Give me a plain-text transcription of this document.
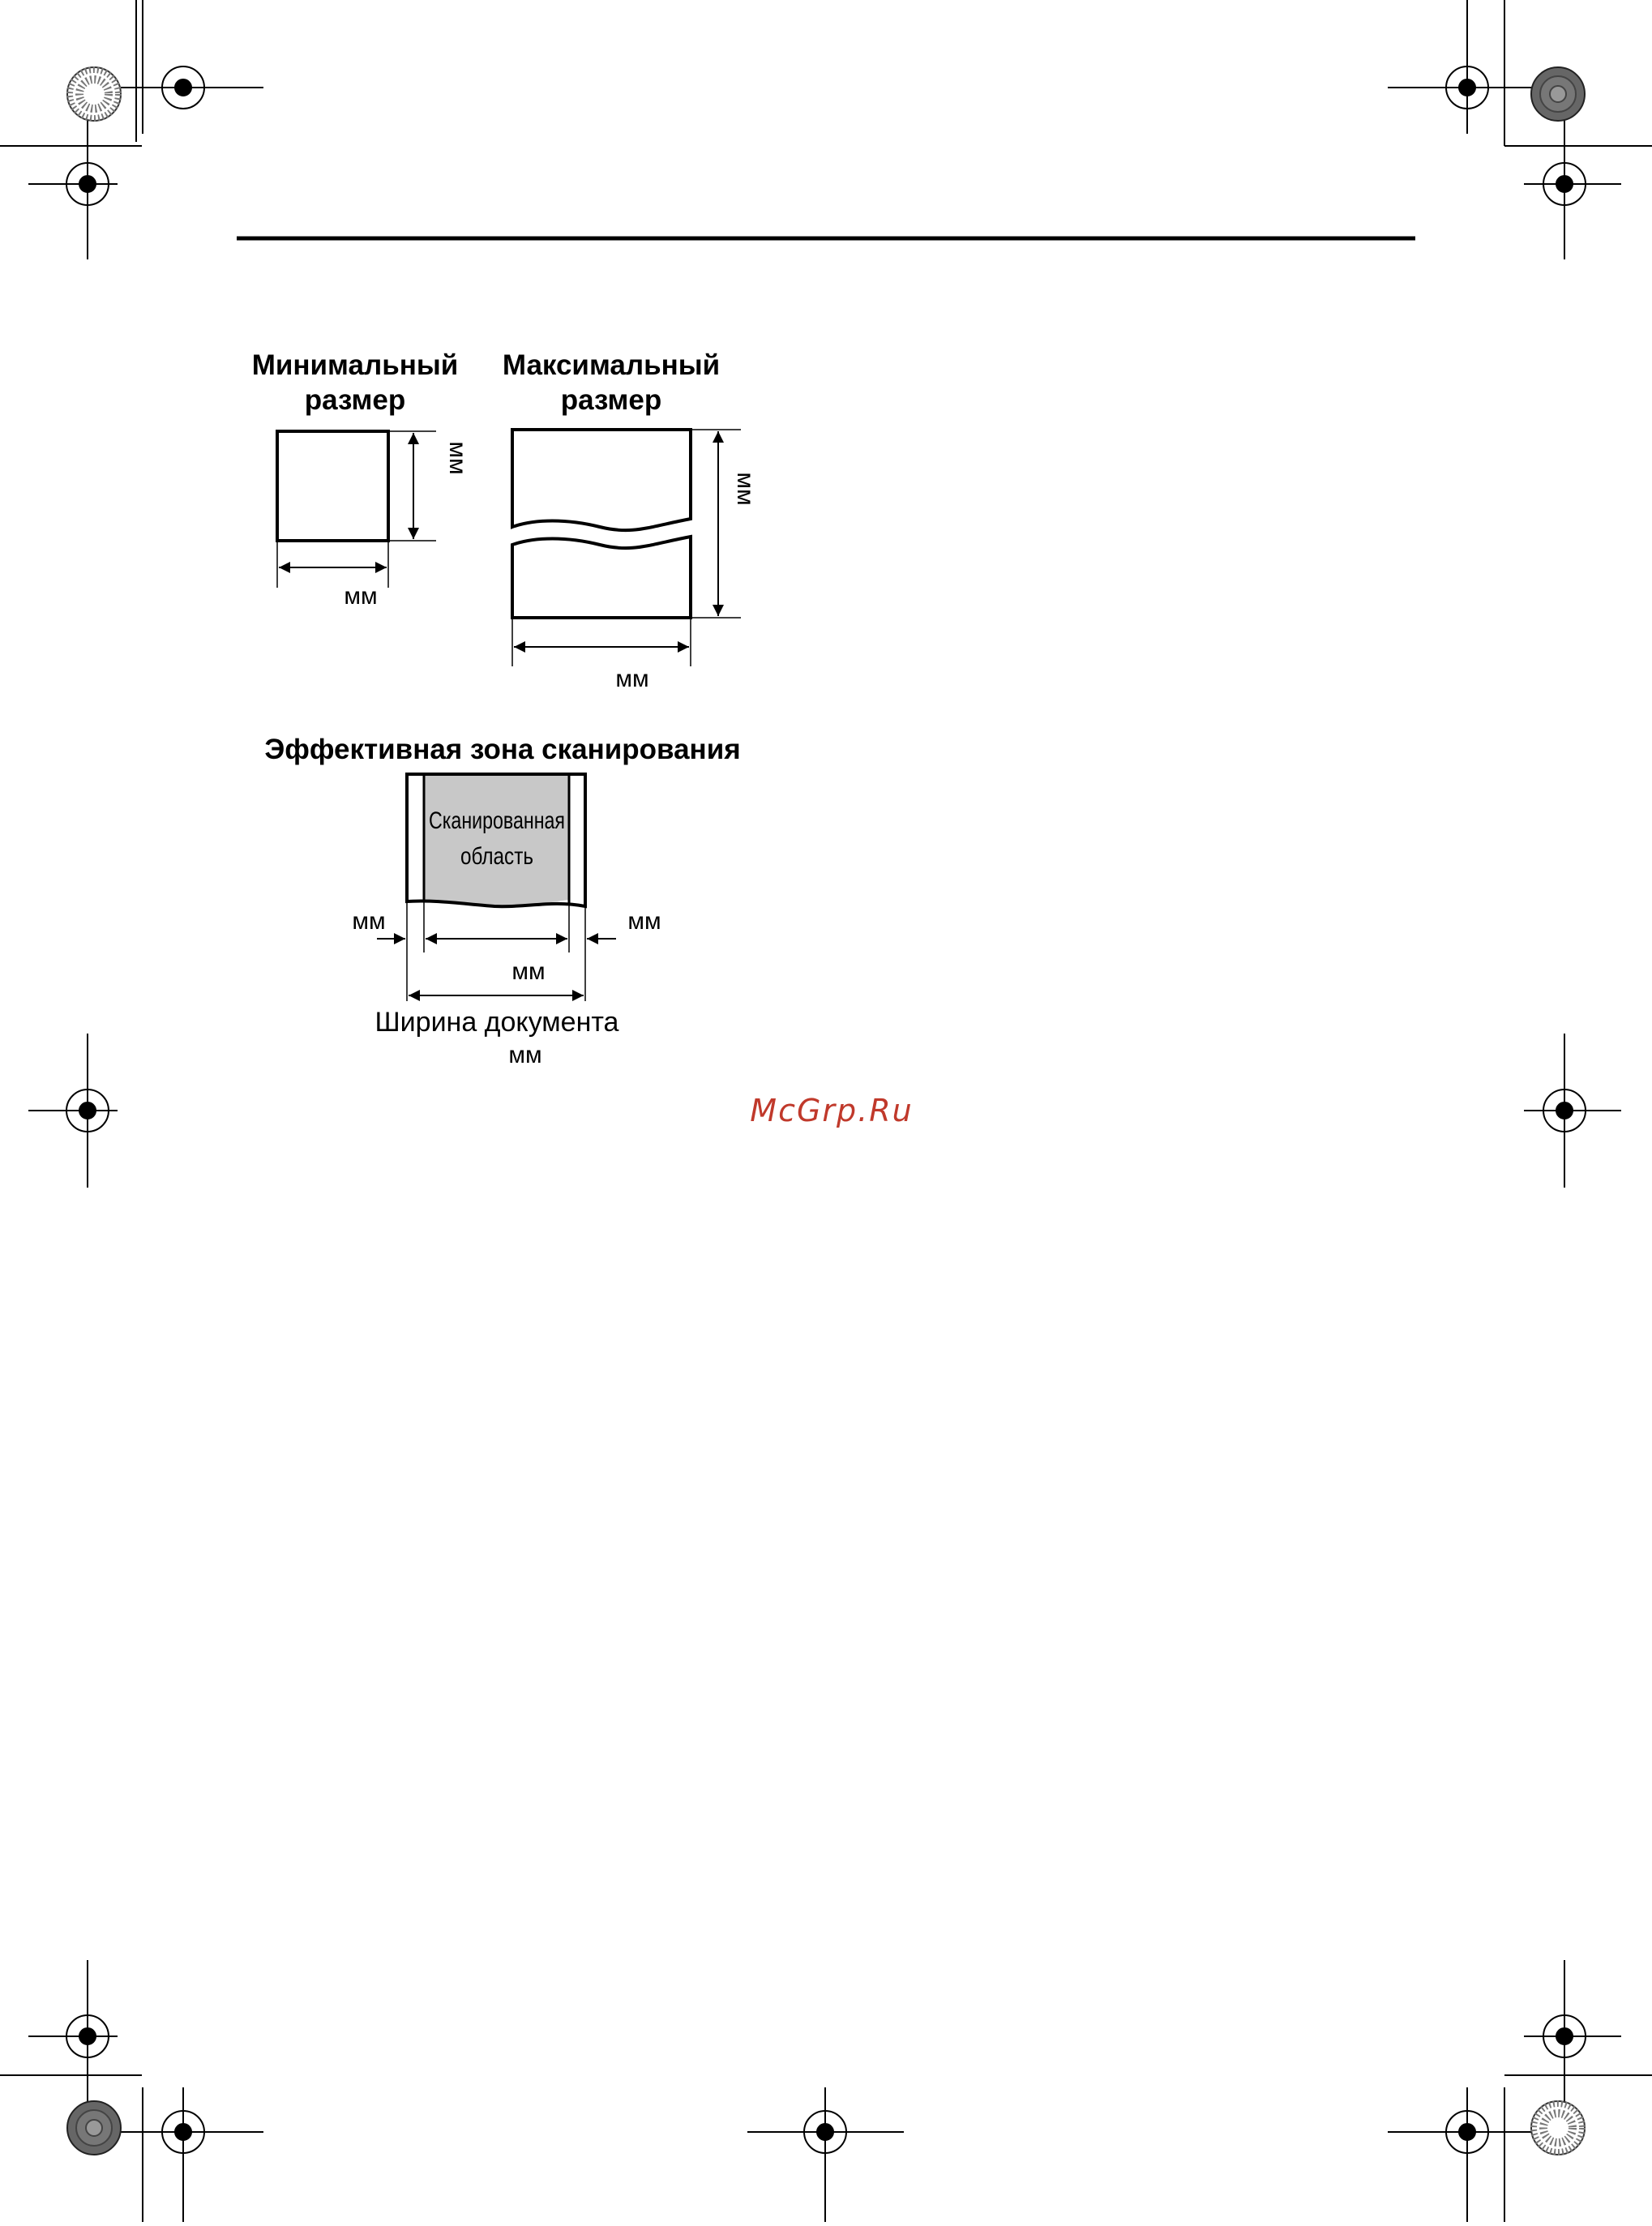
Минимальный
размер
Максимальный
размер
мм
мм
мм
мм
Эффективная зона сканирования
Сканированная
область
мм	мм
мм
Ширина документа
мм
McGrp.Ru
